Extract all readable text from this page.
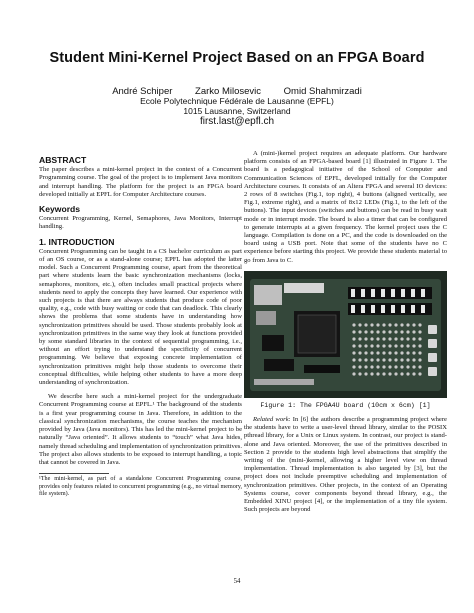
Student Mini-Kernel Project Based on an FPGA Board
André Schiper Zarko Milosevic Omid Shahmirzadi
Ecole Polytechnique Fédérale de Lausanne (EPFL)
1015 Lausanne, Switzerland
first.last@epfl.ch
ABSTRACT

The paper describes a mini-kernel project in the context of a Concurrent Programming course. The goal of the project is to implement Java monitors and interrupt handling. The platform for the project is an FPGA board developed initially at EPFL for Computer Architecture courses.

Keywords

Concurrent Programming, Kernel, Semaphores, Java Monitors, Interrupt handling.

1. INTRODUCTION

Concurrent Programming can be taught in a CS bachelor curriculum as part of an OS course, or as a stand-alone course; EPFL has adopted the latter model. Such a Concurrent Programming course, apart from the theoretical part where students learn the basic synchronization mechanisms (locks, semaphores, monitors, etc.), often includes small practical projects where students need to apply the concepts they have learned. Our experience with such projects is that there are always students that produce code of poor quality, e.g., code with busy waiting or code that can deadlock. This clearly shows the problems that some students have in understanding how synchronization primitives should be used. Those students probably look at synchronization primitives in the same way they look at functions provided by some standard libraries in the context of sequential programming, i.e., without an effort trying to understand the specificity of concurrent programming. We believe that exposing concrete implementation of synchronization primitives might help those students to overcome their conceptual difficulties, while helping other students to have a more deep understanding of synchronization.

We describe here such a mini-kernel project for the undergraduate Concurrent Programming course at EPFL.¹ The background of the students is a first year programming course in Java. Therefore, in addition to the classical synchronization mechanisms, the course teaches the mechanism provided by Java (Java monitors). This has led the mini-kernel project to be naturally “Java oriented”. It allows students to “touch” what Java hides, namely thread scheduling and implementation of synchronization primitives. The project also allows students to be exposed to interrupt handling, a topic that cannot be covered in Java.

¹The mini-kernel, as part of a standalone Concurrent Programming course, provides only features related to concurrent programming (e.g., no virtual memory, file system).

A (mini-)kernel project requires an adequate platform. Our hardware platform consists of an FPGA-based board [1] illustrated in Figure 1. The board is a pedagogical initiative of the School of Computer and Communication Sciences of EPFL, developed initially for the Computer Architecture courses. It consists of an Altera FPGA and several IO devices: 2 rows of 8 switches (Fig.1, top right), 4 buttons (aligned vertically, see Fig.1, extreme right), and a matrix of 8x12 LEDs (Fig.1, to the left of the buttons). The input devices (switches and buttons) can be read in busy wait mode or in interrupt mode. The board is also a timer that can be configured to generate interrupts at a given frequency. The kernel project uses the C language. Compilation is done on a PC, and the code is downloaded on the board using a USB port. Note that some of the students have no C experience before starting this project. We provide these students material to go from Java to C.

Figure 1: The FPGA4U board (10cm x 6cm) [1]

Related work: In [6] the authors describe a programming project where the students have to write a user-level thread library, similar to the POSIX pthread library, for a Unix or Linux system. In contrast, our project is stand-alone and Java oriented. Moreover, the use of the primitives described in Section 2 provide to the students high level abstractions that simplify the writing of the (mini-)kernel, allowing a higher level view on thread implementation. Thread implementation is also targeted by [3], but the project does not include preemptive scheduling and implementation of synchronization primitives. Other projects, in the context of an Operating Systems course, cover components beyond thread library, e.g., the Embedded XINU project [4], or the implementation of a tiny file system. Such projects are beyond

54
